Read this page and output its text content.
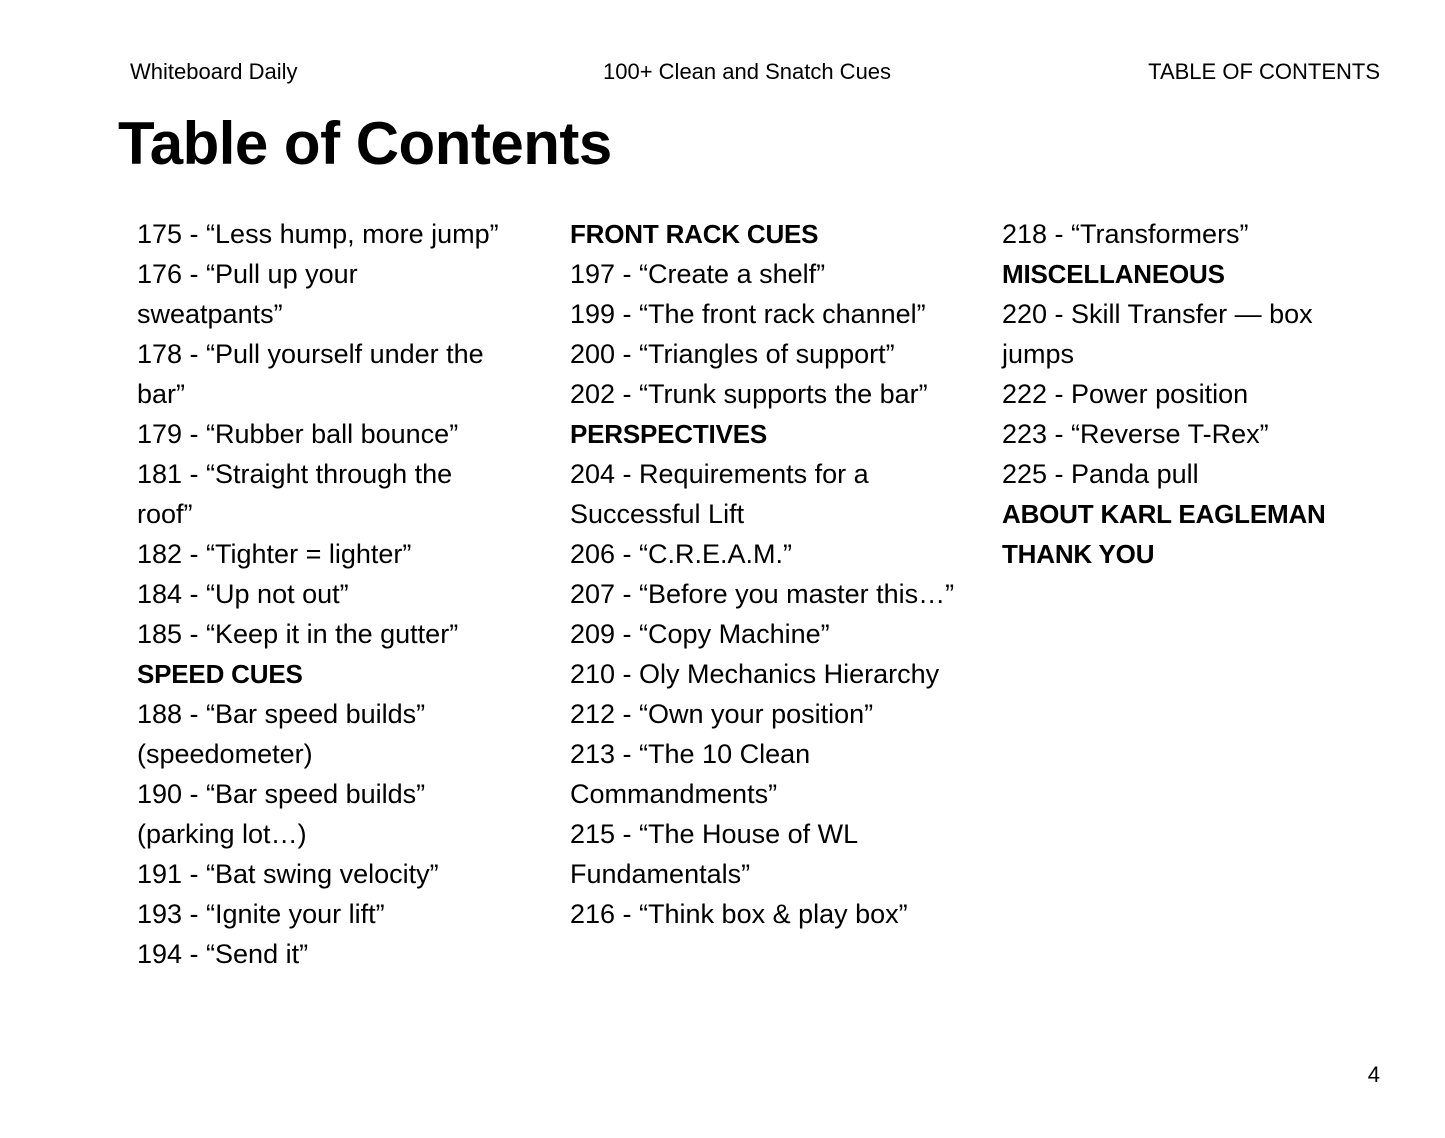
Whiteboard Daily	100+ Clean and Snatch Cues	TABLE OF CONTENTS
Table of Contents
175 - “Less hump, more jump”
176 - “Pull up your sweatpants”
178 - “Pull yourself under the bar”
179 - “Rubber ball bounce”
181 - “Straight through the roof”
182 - “Tighter = lighter”
184 - “Up not out”
185 - “Keep it in the gutter”
SPEED CUES
188 - “Bar speed builds” (speedometer)
190 - “Bar speed builds” (parking lot…)
191 - “Bat swing velocity”
193 - “Ignite your lift”
194 - “Send it”
FRONT RACK CUES
197 - “Create a shelf”
199 - “The front rack channel”
200 - “Triangles of support”
202 - “Trunk supports the bar”
PERSPECTIVES
204 - Requirements for a Successful Lift
206 - “C.R.E.A.M.”
207 - “Before you master this…”
209 - “Copy Machine”
210 - Oly Mechanics Hierarchy
212 - “Own your position”
213 - “The 10 Clean Commandments”
215 - “The House of WL Fundamentals”
216 - “Think box & play box”
218 - “Transformers”
MISCELLANEOUS
220 - Skill Transfer — box jumps
222 - Power position
223 - “Reverse T-Rex”
225 - Panda pull
ABOUT KARL EAGLEMAN
THANK YOU
4
